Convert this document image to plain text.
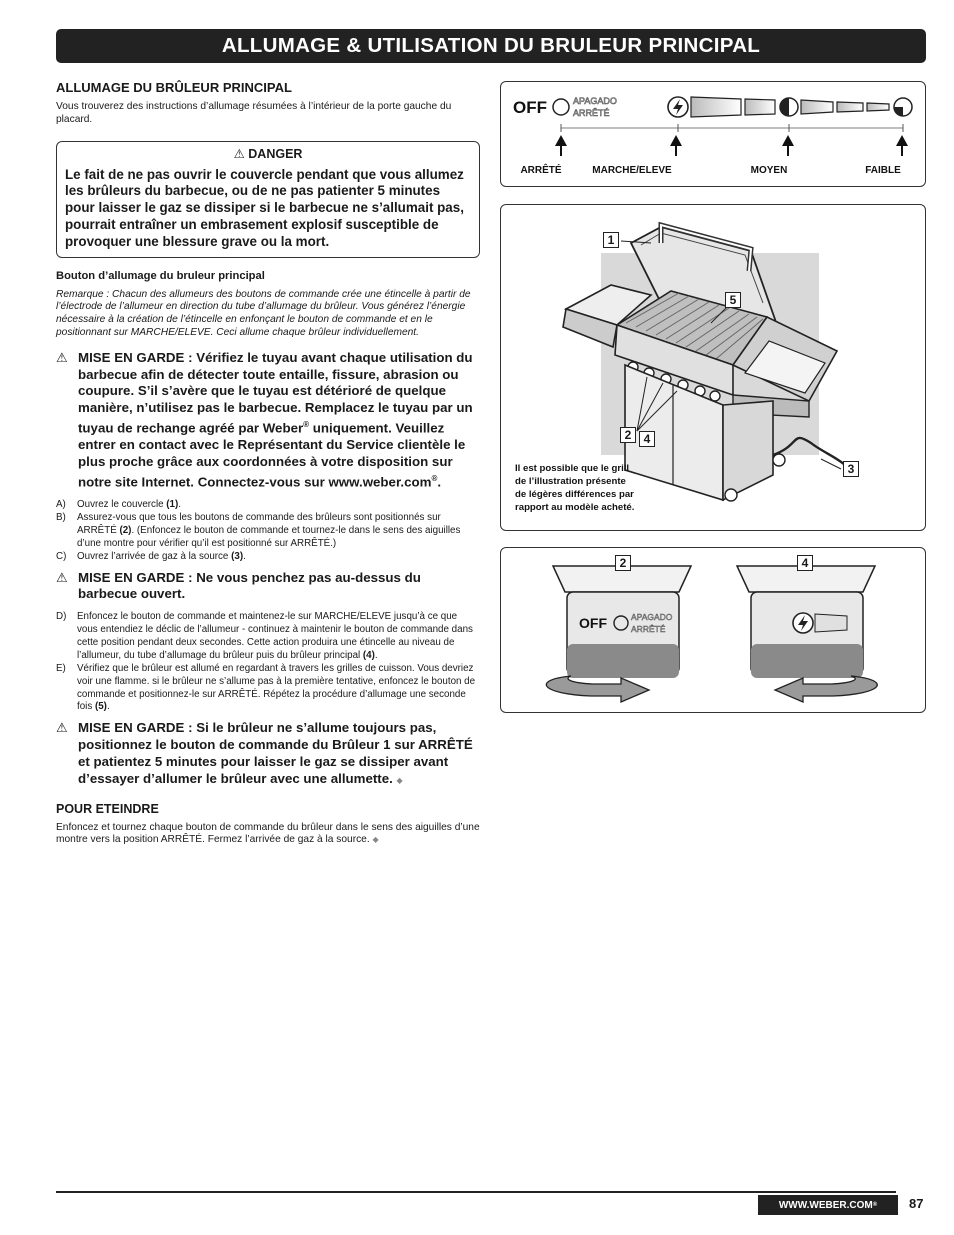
ALLUMAGE & UTILISATION DU BRULEUR PRINCIPAL
ALLUMAGE DU BRÛLEUR PRINCIPAL
Vous trouverez des instructions d’allumage résumées à l’intérieur de la porte gauche du placard.
⚠ DANGER
Le fait de ne pas ouvrir le couvercle pendant que vous allumez les brûleurs du barbecue, ou de ne pas patienter 5 minutes pour laisser le gaz se dissiper si le barbecue ne s’allumait pas, pourrait entraîner un embrasement explosif susceptible de provoquer une blessure grave ou la mort.
Bouton d’allumage du bruleur principal
Remarque : Chacun des allumeurs des boutons de commande crée une étincelle à partir de l’électrode de l’allumeur en direction du tube d’allumage du brûleur. Vous générez l’énergie nécessaire à la création de l’étincelle en enfonçant le bouton de commande et en le positionnant sur MARCHE/ELEVE. Ceci allume chaque brûleur individuellement.
⚠ MISE EN GARDE : Vérifiez le tuyau avant chaque utilisation du barbecue afin de détecter toute entaille, fissure, abrasion ou coupure. S’il s’avère que le tuyau est détérioré de quelque manière, n’utilisez pas le barbecue. Remplacez le tuyau par un tuyau de rechange agréé par Weber® uniquement. Veuillez entrer en contact avec le Représentant du Service clientèle le plus proche grâce aux coordonnées à votre disposition sur notre site Internet. Connectez-vous sur www.weber.com®.
A)	Ouvrez le couvercle (1).
B)	Assurez-vous que tous les boutons de commande des brûleurs sont positionnés sur ARRÊTÉ (2). (Enfoncez le bouton de commande et tournez-le dans le sens des aiguilles d’une montre pour vérifier qu’il est positionné sur ARRÊTÉ.)
C)	Ouvrez l’arrivée de gaz à la source (3).
⚠ MISE EN GARDE : Ne vous penchez pas au-dessus du barbecue ouvert.
D)	Enfoncez le bouton de commande et maintenez-le sur MARCHE/ELEVE jusqu’à ce que vous entendiez le déclic de l’allumeur - continuez à maintenir le bouton de commande dans cette position pendant deux secondes. Cette action produira une étincelle au niveau de l’allumeur, du tube d’allumage du brûleur puis du brûleur principal (4).
E)	Vérifiez que le brûleur est allumé en regardant à travers les grilles de cuisson. Vous devriez voir une flamme. si le brûleur ne s’allume pas à la première tentative, enfoncez le bouton de commande et positionnez-le sur ARRÊTÉ. Répétez la procédure d’allumage une seconde fois (5).
⚠ MISE EN GARDE : Si le brûleur ne s’allume toujours pas, positionnez le bouton de commande du Brûleur 1 sur ARRÊTÉ et patientez 5 minutes pour laisser le gaz se dissiper avant d’essayer d’allumer le brûleur avec une allumette. ◆
POUR ETEINDRE
Enfoncez et tournez chaque bouton de commande du brûleur dans le sens des aiguilles d’une montre vers la position ARRÊTÉ. Fermez l’arrivée de gaz à la source. ◆
OFF	APAGADO
ARRÊTÉ
ARRÊTÉ	MARCHE/ELEVE	MOYEN	FAIBLE
Il est possible que le grill
de l’illustration présente
de légères différences par
rapport au modèle acheté.
1
5
2	4
3
OFF	APAGADO
ARRÊTÉ
2	4
WWW.WEBER.COM ® 87
